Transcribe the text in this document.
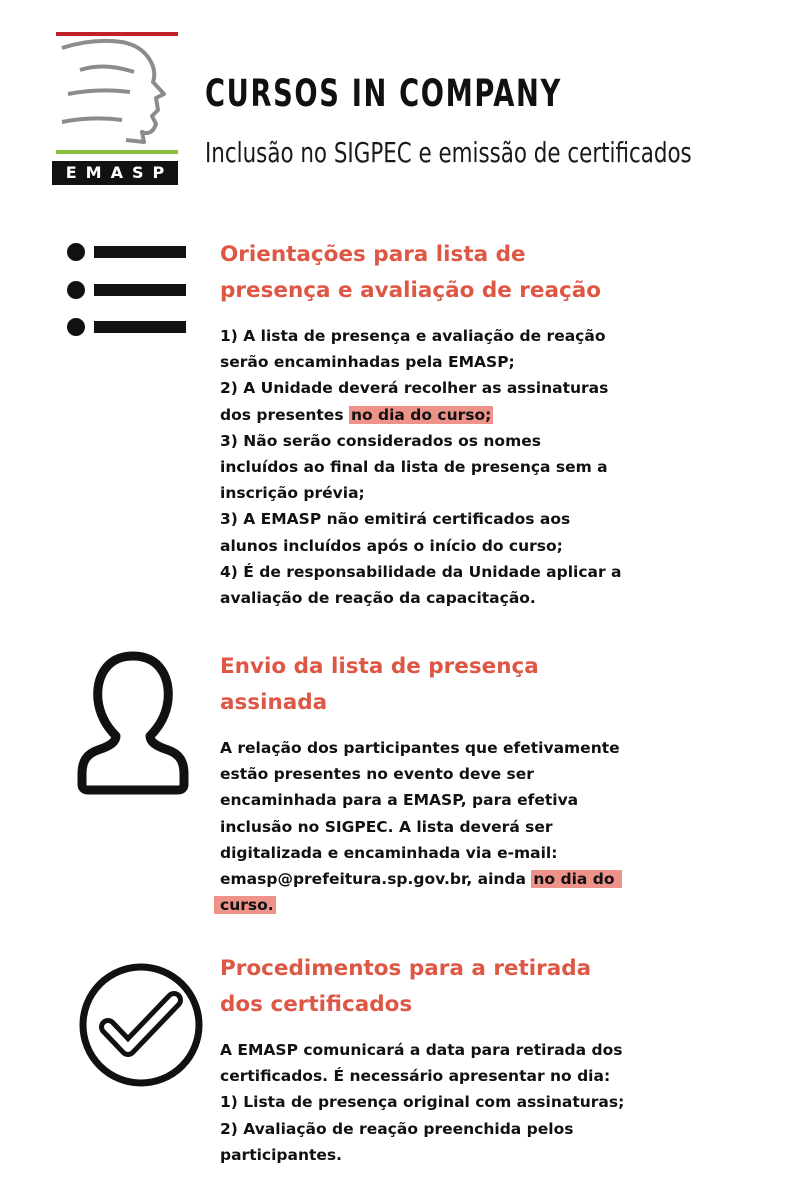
EMASP
CURSOS IN COMPANY

Inclusão no SIGPEC e emissão de certificados

Orientações para lista de
presença e avaliação de reação

1) A lista de presença e avaliação de reação
serão encaminhadas pela EMASP;
2) A Unidade deverá recolher as assinaturas
dos presentes no dia do curso;
3) Não serão considerados os nomes
incluídos ao final da lista de presença sem a
inscrição prévia;
3) A EMASP não emitirá certificados aos
alunos incluídos após o início do curso;
4) É de responsabilidade da Unidade aplicar a
avaliação de reação da capacitação.

Envio da lista de presença
assinada

A relação dos participantes que efetivamente
estão presentes no evento deve ser
encaminhada para a EMASP, para efetiva
inclusão no SIGPEC. A lista deverá ser
digitalizada e encaminhada via e-mail:
emasp@prefeitura.sp.gov.br, ainda no dia do
curso.

Procedimentos para a retirada
dos certificados

A EMASP comunicará a data para retirada dos
certificados. É necessário apresentar no dia:
1) Lista de presença original com assinaturas;
2) Avaliação de reação preenchida pelos
participantes.
